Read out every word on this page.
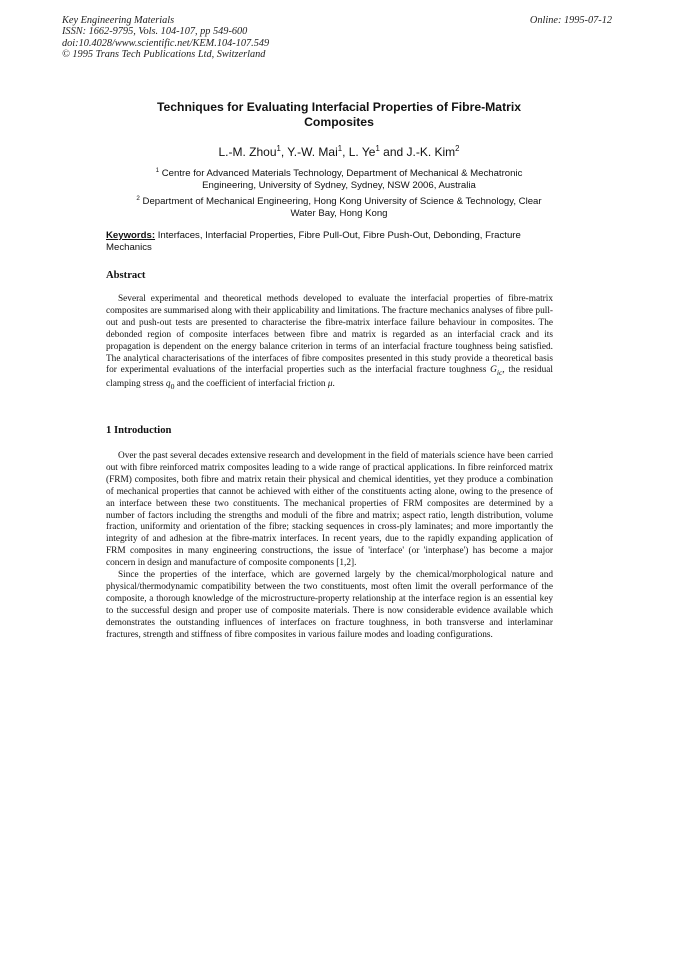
Key Engineering Materials
ISSN: 1662-9795, Vols. 104-107, pp 549-600
doi:10.4028/www.scientific.net/KEM.104-107.549
© 1995 Trans Tech Publications Ltd, Switzerland
Online: 1995-07-12
Techniques for Evaluating Interfacial Properties of Fibre-Matrix
Composites
L.-M. Zhou$^1$, Y.-W. Mai$^1$, L. Ye$^1$ and J.-K. Kim$^2$
$^1$ Centre for Advanced Materials Technology, Department of Mechanical & Mechatronic
Engineering, University of Sydney, Sydney, NSW 2006, Australia
$^2$ Department of Mechanical Engineering, Hong Kong University of Science & Technology, Clear
Water Bay, Hong Kong
Keywords: Interfaces, Interfacial Properties, Fibre Pull-Out, Fibre Push-Out, Debonding, Fracture Mechanics
Abstract

Several experimental and theoretical methods developed to evaluate the interfacial properties of fibre-matrix composites are summarised along with their applicability and limitations. The fracture mechanics analyses of fibre pull-out and push-out tests are presented to characterise the fibre-matrix interface failure behaviour in composites. The debonded region of composite interfaces between fibre and matrix is regarded as an interfacial crack and its propagation is dependent on the energy balance criterion in terms of an interfacial fracture toughness being satisfied. The analytical characterisations of the interfaces of fibre composites presented in this study provide a theoretical basis for experimental evaluations of the interfacial properties such as the interfacial fracture toughness $G_{ic}$, the residual clamping stress $q_0$ and the coefficient of interfacial friction μ.

1 Introduction

Over the past several decades extensive research and development in the field of materials science have been carried out with fibre reinforced matrix composites leading to a wide range of practical applications. In fibre reinforced matrix (FRM) composites, both fibre and matrix retain their physical and chemical identities, yet they produce a combination of mechanical properties that cannot be achieved with either of the constituents acting alone, owing to the presence of an interface between these two constituents. The mechanical properties of FRM composites are determined by a number of factors including the strengths and moduli of the fibre and matrix; aspect ratio, length distribution, volume fraction, uniformity and orientation of the fibre; stacking sequences in cross-ply laminates; and more importantly the integrity of and adhesion at the fibre-matrix interfaces. In recent years, due to the rapidly expanding application of FRM composites in many engineering constructions, the issue of 'interface' (or 'interphase') has become a major concern in design and manufacture of composite components [1,2].

Since the properties of the interface, which are governed largely by the chemical/morphological nature and physical/thermodynamic compatibility between the two constituents, most often limit the overall performance of the composite, a thorough knowledge of the microstructure-property relationship at the interface region is an essential key to the successful design and proper use of composite materials. There is now considerable evidence available which demonstrates the outstanding influences of interfaces on fracture toughness, in both transverse and interlaminar fractures, strength and stiffness of fibre composites in various failure modes and loading configurations.
